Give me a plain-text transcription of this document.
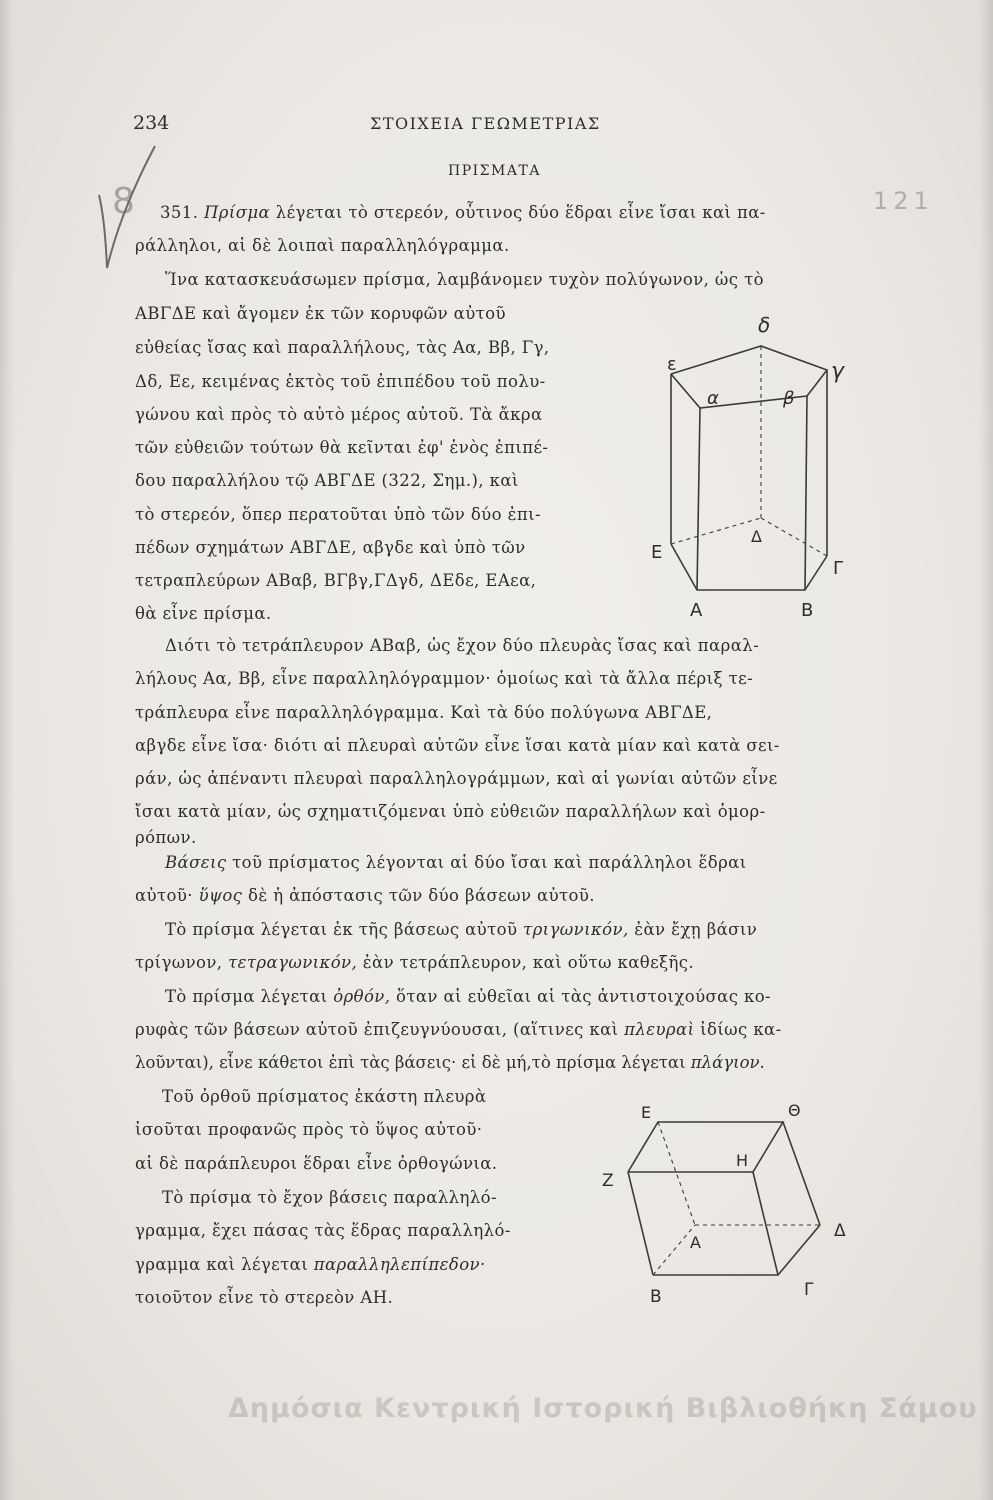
8	121
234	ΣΤΟΙΧΕΙΑ ΓΕΩΜΕΤΡΙΑΣ
ΠΡΙΣΜΑΤΑ
351. Πρίσμα λέγεται τὸ στερεόν, οὗτινος δύο ἕδραι εἶνε ἴσαι καὶ πα-
ράλληλοι, αἱ δὲ λοιπαὶ παραλληλόγραμμα.
Ἵνα κατασκευάσωμεν πρίσμα, λαμβάνομεν τυχὸν πολύγωνον, ὡς τὸ
ΑΒΓΔΕ καὶ ἄγομεν ἐκ τῶν κορυφῶν αὐτοῦ
εὐθείας ἴσας καὶ παραλλήλους, τὰς Αα, Ββ, Γγ,
Δδ, Εε, κειμένας ἐκτὸς τοῦ ἐπιπέδου τοῦ πολυ-
γώνου καὶ πρὸς τὸ αὐτὸ μέρος αὐτοῦ. Τὰ ἄκρα
τῶν εὐθειῶν τούτων θὰ κεῖνται ἐφ' ἑνὸς ἐπιπέ-
δου παραλλήλου τῷ ΑΒΓΔΕ (322, Σημ.), καὶ
τὸ στερεόν, ὅπερ περατοῦται ὑπὸ τῶν δύο ἐπι-
πέδων σχημάτων ΑΒΓΔΕ, αβγδε καὶ ὑπὸ τῶν
τετραπλεύρων ΑΒαβ, ΒΓβγ,ΓΔγδ, ΔΕδε, ΕΑεα,
θὰ εἶνε πρίσμα.
δ
ε	γ
α	β
Δ
Ε
Γ
Α	Β
Διότι τὸ τετράπλευρον ΑΒαβ, ὡς ἔχον δύο πλευρὰς ἴσας καὶ παραλ-
λήλους Αα, Ββ, εἶνε παραλληλόγραμμον· ὁμοίως καὶ τὰ ἄλλα πέριξ τε-
τράπλευρα εἶνε παραλληλόγραμμα. Καὶ τὰ δύο πολύγωνα ΑΒΓΔΕ,
αβγδε εἶνε ἴσα· διότι αἱ πλευραὶ αὐτῶν εἶνε ἴσαι κατὰ μίαν καὶ κατὰ σει-
ράν, ὡς ἀπέναντι πλευραὶ παραλληλογράμμων, καὶ αἱ γωνίαι αὐτῶν εἶνε
ἴσαι κατὰ μίαν, ὡς σχηματιζόμεναι ὑπὸ εὐθειῶν παραλλήλων καὶ ὁμορ-
ρόπων.
Βάσεις τοῦ πρίσματος λέγονται αἱ δύο ἴσαι καὶ παράλληλοι ἕδραι
αὐτοῦ· ὕψος δὲ ἡ ἀπόστασις τῶν δύο βάσεων αὐτοῦ.
Τὸ πρίσμα λέγεται ἐκ τῆς βάσεως αὐτοῦ τριγωνικόν, ἐὰν ἔχῃ βάσιν
τρίγωνον, τετραγωνικόν, ἐὰν τετράπλευρον, καὶ οὕτω καθεξῆς.
Τὸ πρίσμα λέγεται ὀρθόν, ὅταν αἱ εὐθεῖαι αἱ τὰς ἀντιστοιχούσας κο-
ρυφὰς τῶν βάσεων αὐτοῦ ἐπιζευγνύουσαι, (αἵτινες καὶ πλευραὶ ἰδίως κα-
λοῦνται), εἶνε κάθετοι ἐπὶ τὰς βάσεις· εἰ δὲ μή,τὸ πρίσμα λέγεται πλάγιον.
Τοῦ ὀρθοῦ πρίσματος ἑκάστη πλευρὰ
ἰσοῦται προφανῶς πρὸς τὸ ὕψος αὐτοῦ·
αἱ δὲ παράπλευροι ἕδραι εἶνε ὀρθογώνια.
Τὸ πρίσμα τὸ ἔχον βάσεις παραλληλό-
γραμμα, ἔχει πάσας τὰς ἕδρας παραλληλό-
γραμμα καὶ λέγεται παραλληλεπίπεδον·
τοιοῦτον εἶνε τὸ στερεὸν ΑΗ.
Ε	Θ
Ζ
Η
Δ
Α
Β	Γ
Δημόσια Κεντρική Ιστορική Βιβλιοθήκη Σάμου
